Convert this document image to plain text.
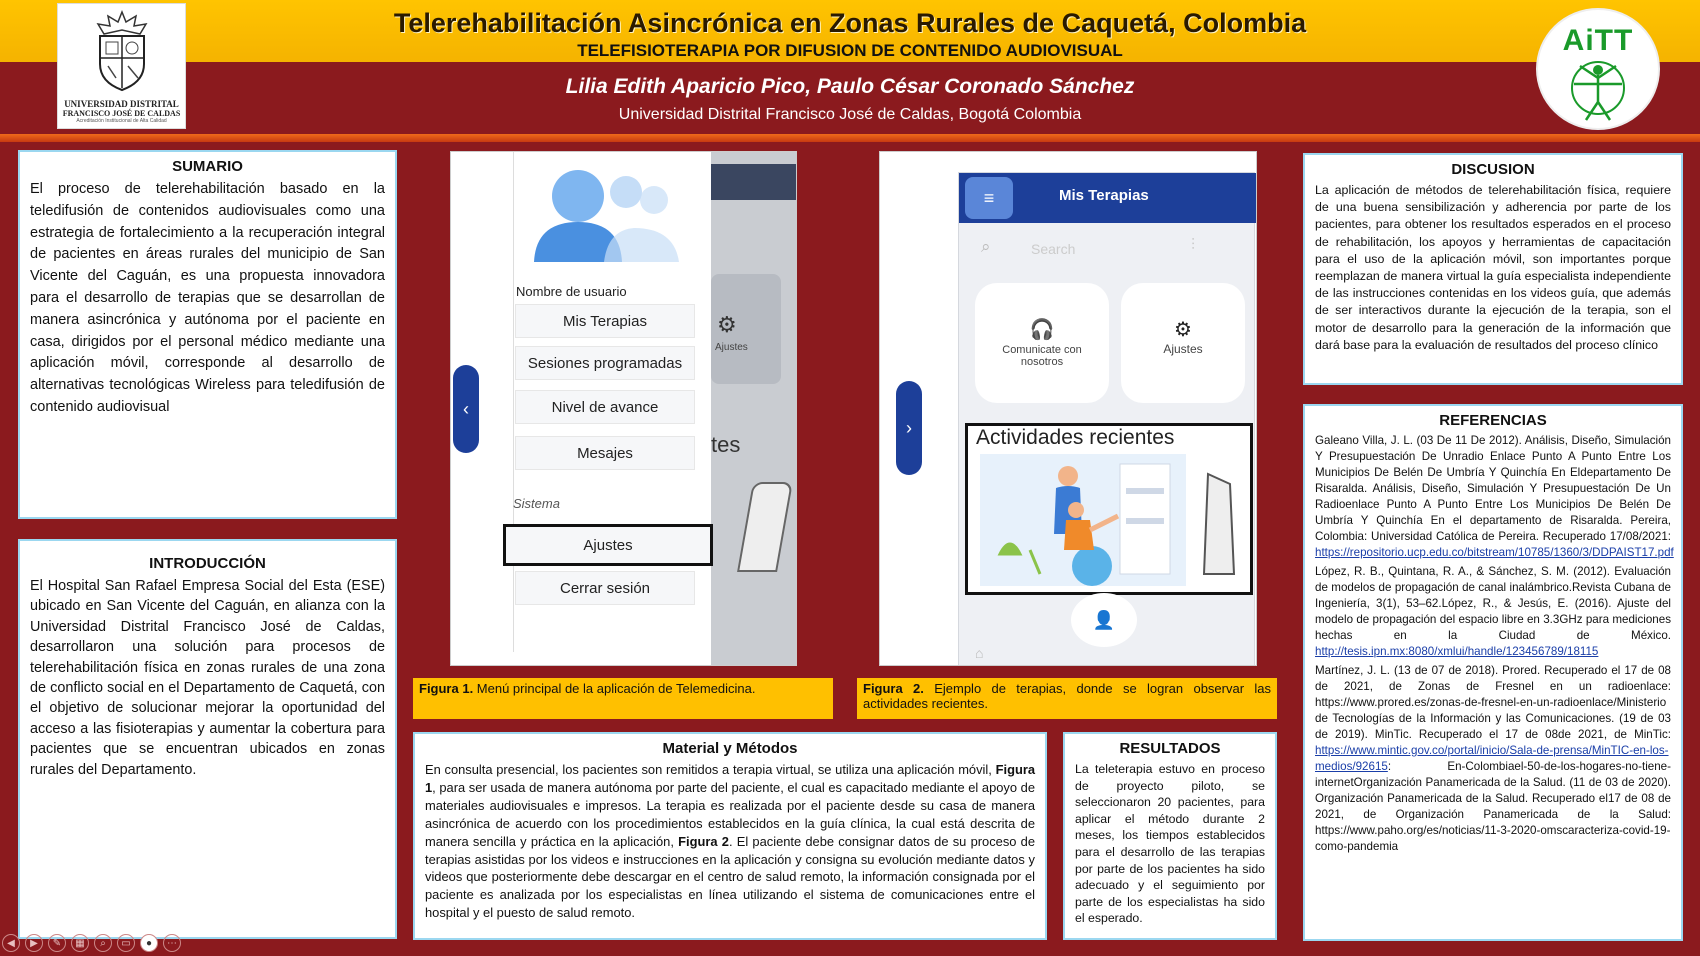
UNIVERSIDAD DISTRITAL
FRANCISCO JOSÉ DE CALDAS
Acreditación Institucional de Alta Calidad
Telerehabilitación Asincrónica en Zonas Rurales de Caquetá, Colombia
TELEFISIOTERAPIA POR DIFUSION DE CONTENIDO AUDIOVISUAL
Lilia Edith Aparicio Pico, Paulo César Coronado Sánchez
Universidad Distrital Francisco José de Caldas, Bogotá Colombia
AiTT
SUMARIO

El proceso de telerehabilitación basado en la teledifusión de contenidos audiovisuales como una estrategia de fortalecimiento a la recuperación integral de pacientes en áreas rurales del municipio de San Vicente del Caguán, es una propuesta innovadora para el desarrollo de terapias que se desarrollan de manera asincrónica y autónoma por el paciente en casa, dirigidos por el personal médico mediante una aplicación móvil, corresponde al desarrollo de alternativas tecnológicas Wireless para teledifusión de contenido audiovisual

INTRODUCCIÓN

El Hospital San Rafael Empresa Social del Esta (ESE) ubicado en San Vicente del Caguán, en alianza con la Universidad Distrital Francisco José de Caldas, desarrollaron una solución para procesos de telerehabilitación física en zonas rurales de una zona de conflicto social en el Departamento de Caquetá, con el objetivo de solucionar mejorar la oportunidad del acceso a las fisioterapias y aumentar la cobertura para pacientes que se encuentran ubicados en zonas rurales del Departamento.

⚙
Ajustes
tes
Nombre de usuario
Mis Terapias
Sesiones programadas
Nivel de avance
Mesajes
Sistema
Ajustes
Cerrar sesión
‹
Figura 1. Menú principal de la aplicación de Telemedicina.
≡	Mis Terapias
⌕	Search	⫶
🎧
Comunicate con nosotros
⚙
Ajustes
Actividades recientes
👤
⌂
›
Figura 2. Ejemplo de terapias, donde se logran observar las actividades recientes.
Material y Métodos

En consulta presencial, los pacientes son remitidos a terapia virtual, se utiliza una aplicación móvil, Figura 1, para ser usada de manera autónoma por parte del paciente, el cual es capacitado mediante el apoyo de materiales audiovisuales e impresos. La terapia es realizada por el paciente desde su casa de manera asincrónica de acuerdo con los procedimientos establecidos en la guía clínica, la cual está descrita de manera sencilla y práctica en la aplicación, Figura 2. El paciente debe consignar datos de su proceso de terapias asistidas por los videos e instrucciones en la aplicación y consigna su evolución mediante datos y videos que posteriormente debe descargar en el centro de salud remoto, la información consignada por el paciente es analizada por los especialistas en línea utilizando el sistema de comunicaciones entre el hospital y el puesto de salud remoto.

RESULTADOS

La teleterapia estuvo en proceso de proyecto piloto, se seleccionaron 20 pacientes, para aplicar el método durante 2 meses, los tiempos establecidos para el desarrollo de las terapias por parte de los pacientes ha sido adecuado y el seguimiento por parte de los especialistas ha sido el esperado.

DISCUSION

La aplicación de métodos de telerehabilitación física, requiere de una buena sensibilización y adherencia por parte de los pacientes, para obtener los resultados esperados en el proceso de rehabilitación, los apoyos y herramientas de capacitación para el uso de la aplicación móvil, son importantes porque reemplazan de manera virtual la guía especialista independiente de las instrucciones contenidas en los videos guía, que además de ser interactivos durante la ejecución de la terapia, son el motor de desarrollo para la generación de la información que dará base para la evaluación de resultados del proceso clínico

REFERENCIAS

Galeano Villa, J. L. (03 De 11 De 2012). Análisis, Diseño, Simulación Y Presupuestación De Unradio Enlace Punto A Punto Entre Los Municipios De Belén De Umbría Y Quinchía En Eldepartamento De Risaralda. Análisis, Diseño, Simulación Y Presupuestación De Un Radioenlace Punto A Punto Entre Los Municipios De Belén De Umbría Y Quinchía En el departamento de Risaralda. Pereira, Colombia: Universidad Católica de Pereira. Recuperado 17/08/2021: https://repositorio.ucp.edu.co/bitstream/10785/1360/3/DDPAIST17.pdf

López, R. B., Quintana, R. A., & Sánchez, S. M. (2012). Evaluación de modelos de propagación de canal inalámbrico.Revista Cubana de Ingeniería, 3(1), 53–62.López, R., & Jesús, E. (2016). Ajuste del modelo de propagación del espacio libre en 3.3GHz para mediciones hechas en la Ciudad de México. http://tesis.ipn.mx:8080/xmlui/handle/123456789/18115

Martínez, J. L. (13 de 07 de 2018). Prored. Recuperado el 17 de 08 de 2021, de Zonas de Fresnel en un radioenlace: https://www.prored.es/zonas-de-fresnel-en-un-radioenlace/Ministerio de Tecnologías de la Información y las Comunicaciones. (19 de 03 de 2019). MinTic. Recuperado el 17 de 08de 2021, de MinTic: https://www.mintic.gov.co/portal/inicio/Sala-de-prensa/MinTIC-en-los-medios/92615: En-Colombiael-50-de-los-hogares-no-tiene-internetOrganización Panamericada de la Salud. (11 de 03 de 2020). Organización Panamericada de la Salud. Recuperado el17 de 08 de 2021, de Organización Panamericada de la Salud: https://www.paho.org/es/noticias/11-3-2020-omscaracteriza-covid-19-como-pandemia

◀	▶	✎	▦	⌕	▭	●	⋯
